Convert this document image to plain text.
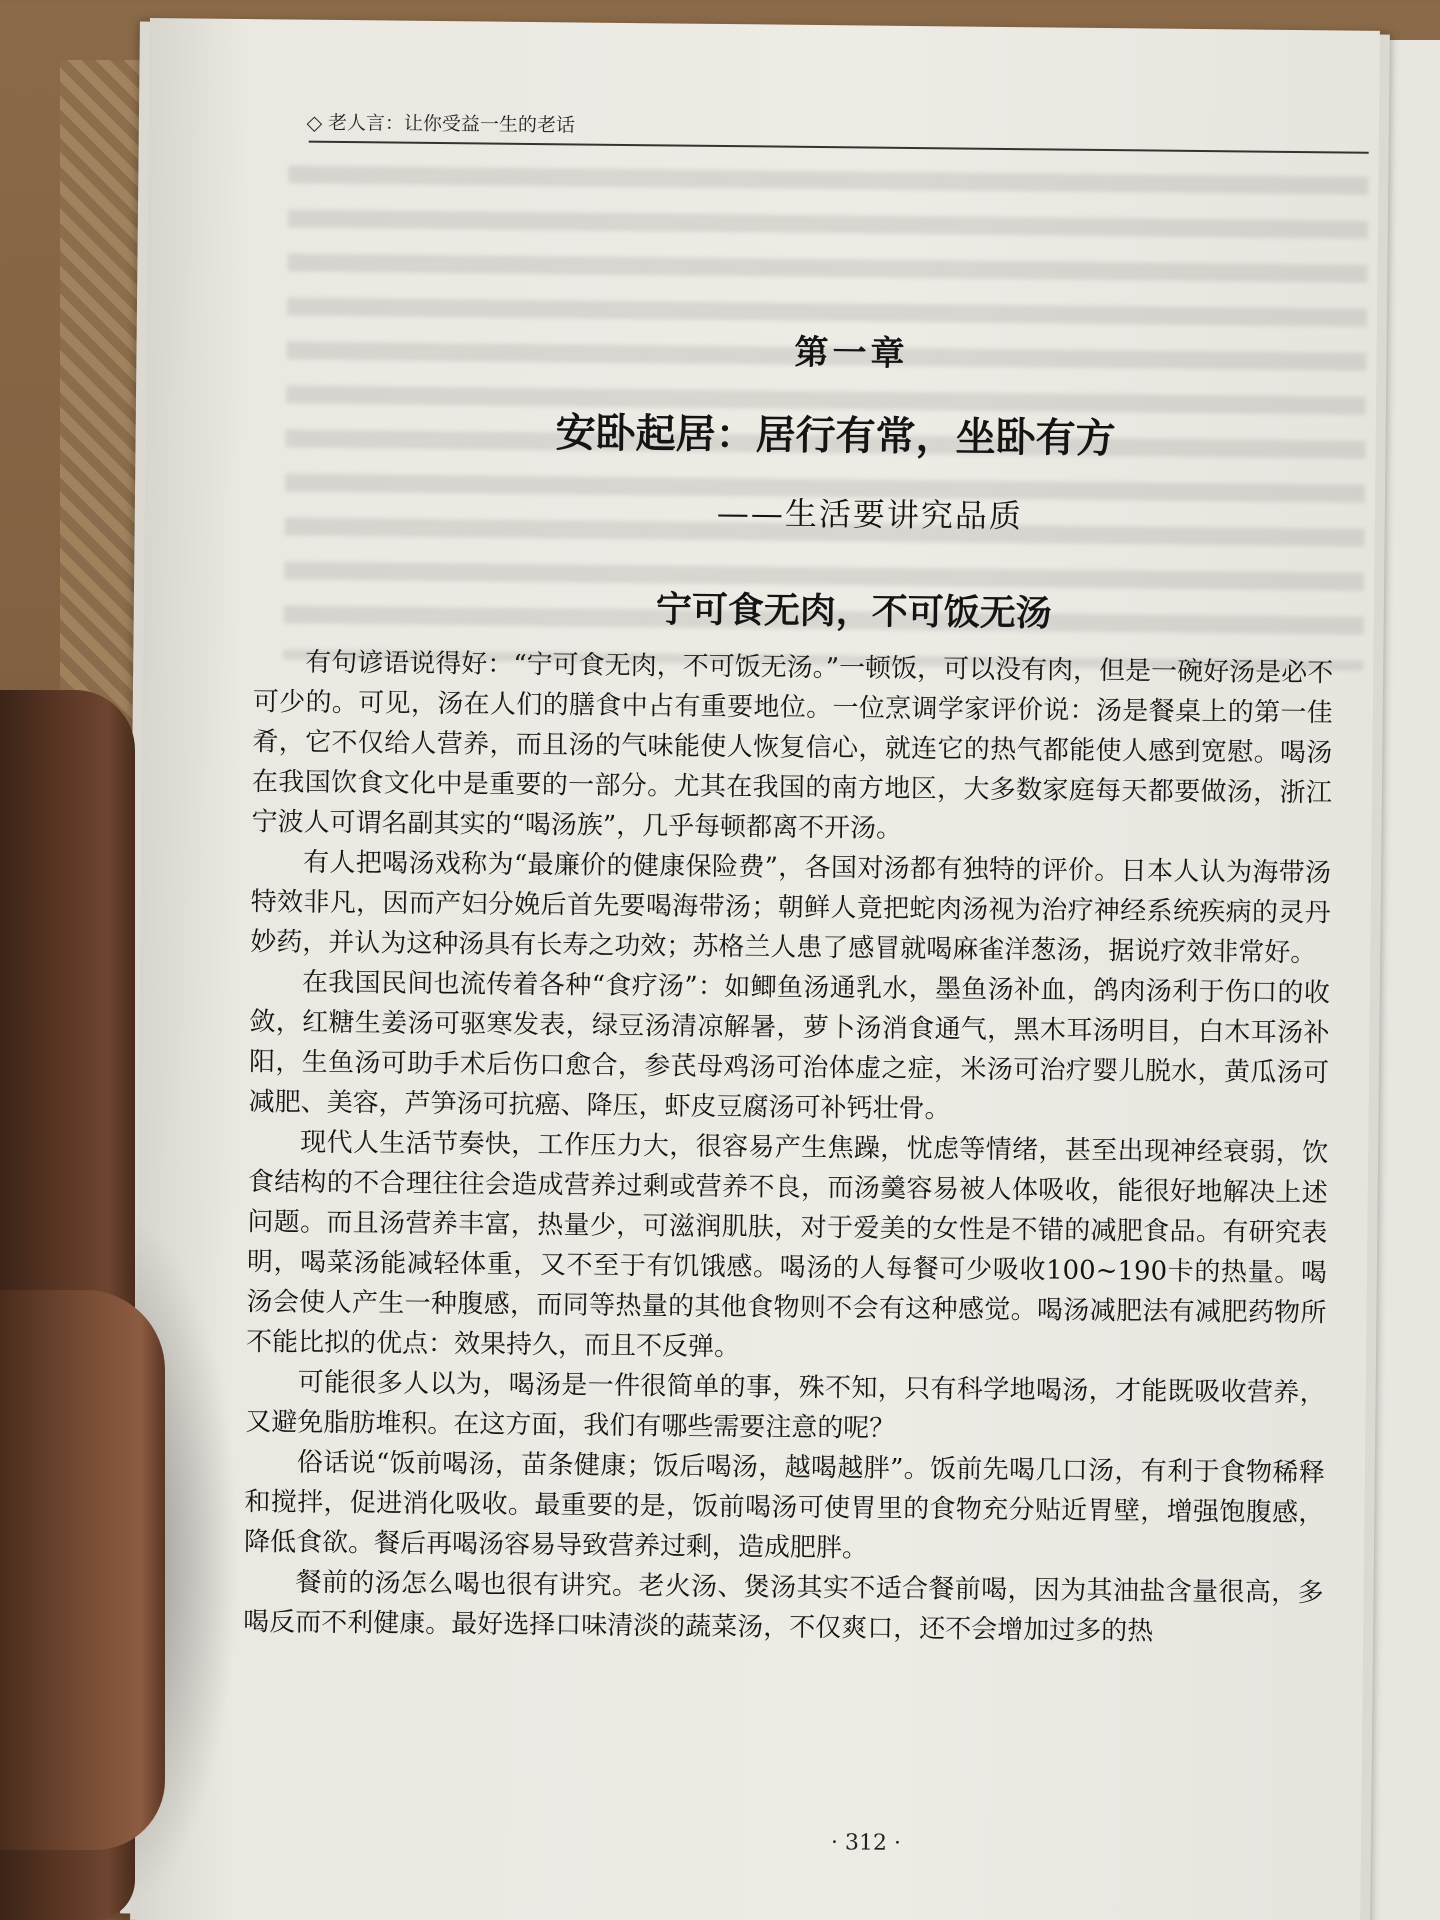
老人言：让你受益一生的老话
第一章
安卧起居：居行有常，坐卧有方
——生活要讲究品质
宁可食无肉，不可饭无汤

有句谚语说得好：“宁可食无肉，不可饭无汤。”一顿饭，可以没有肉，但是一碗好汤是必不可少的。可见，汤在人们的膳食中占有重要地位。一位烹调学家评价说：汤是餐桌上的第一佳肴，它不仅给人营养，而且汤的气味能使人恢复信心，就连它的热气都能使人感到宽慰。喝汤在我国饮食文化中是重要的一部分。尤其在我国的南方地区，大多数家庭每天都要做汤，浙江宁波人可谓名副其实的“喝汤族”，几乎每顿都离不开汤。

有人把喝汤戏称为“最廉价的健康保险费”，各国对汤都有独特的评价。日本人认为海带汤特效非凡，因而产妇分娩后首先要喝海带汤；朝鲜人竟把蛇肉汤视为治疗神经系统疾病的灵丹妙药，并认为这种汤具有长寿之功效；苏格兰人患了感冒就喝麻雀洋葱汤，据说疗效非常好。

在我国民间也流传着各种“食疗汤”：如鲫鱼汤通乳水，墨鱼汤补血，鸽肉汤利于伤口的收敛，红糖生姜汤可驱寒发表，绿豆汤清凉解暑，萝卜汤消食通气，黑木耳汤明目，白木耳汤补阳，生鱼汤可助手术后伤口愈合，参芪母鸡汤可治体虚之症，米汤可治疗婴儿脱水，黄瓜汤可减肥、美容，芦笋汤可抗癌、降压，虾皮豆腐汤可补钙壮骨。

现代人生活节奏快，工作压力大，很容易产生焦躁，忧虑等情绪，甚至出现神经衰弱，饮食结构的不合理往往会造成营养过剩或营养不良，而汤羹容易被人体吸收，能很好地解决上述问题。而且汤营养丰富，热量少，可滋润肌肤，对于爱美的女性是不错的减肥食品。有研究表明，喝菜汤能减轻体重，又不至于有饥饿感。喝汤的人每餐可少吸收100~190卡的热量。喝汤会使人产生一种腹感，而同等热量的其他食物则不会有这种感觉。喝汤减肥法有减肥药物所不能比拟的优点：效果持久，而且不反弹。

可能很多人以为，喝汤是一件很简单的事，殊不知，只有科学地喝汤，才能既吸收营养，又避免脂肪堆积。在这方面，我们有哪些需要注意的呢？

俗话说“饭前喝汤，苗条健康；饭后喝汤，越喝越胖”。饭前先喝几口汤，有利于食物稀释和搅拌，促进消化吸收。最重要的是，饭前喝汤可使胃里的食物充分贴近胃壁，增强饱腹感，降低食欲。餐后再喝汤容易导致营养过剩，造成肥胖。

餐前的汤怎么喝也很有讲究。老火汤、煲汤其实不适合餐前喝，因为其油盐含量很高，多喝反而不利健康。最好选择口味清淡的蔬菜汤，不仅爽口，还不会增加过多的热

· 312 ·
